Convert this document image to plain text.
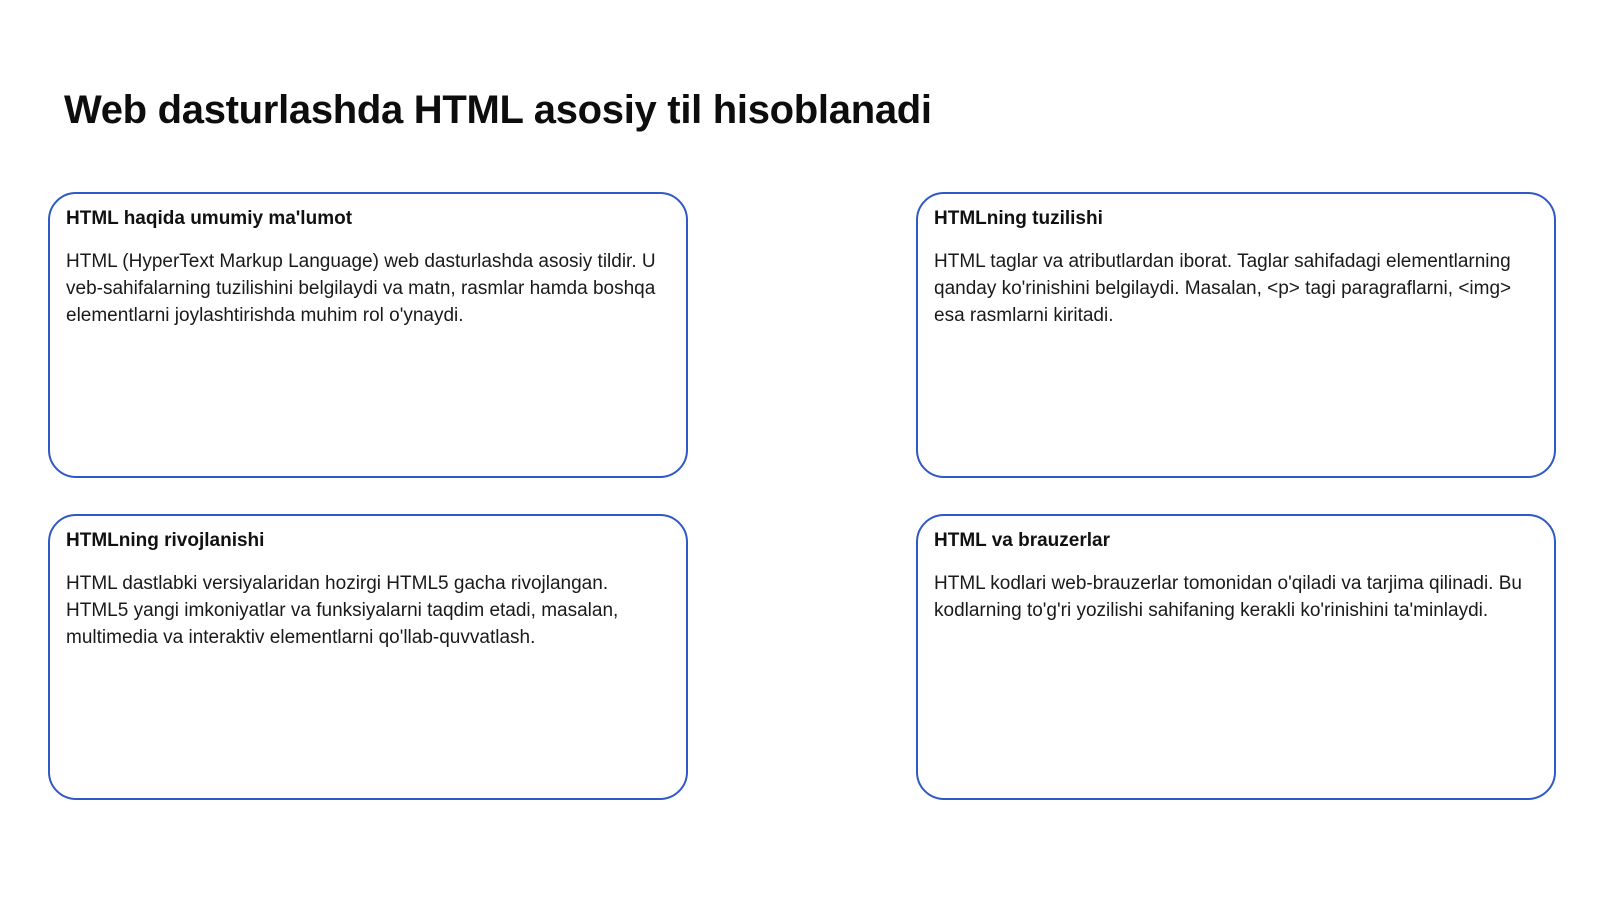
Web dasturlashda HTML asosiy til hisoblanadi
HTML haqida umumiy ma'lumot

HTML (HyperText Markup Language) web dasturlashda asosiy tildir. U veb-sahifalarning tuzilishini belgilaydi va matn, rasmlar hamda boshqa elementlarni joylashtirishda muhim rol o'ynaydi.

HTMLning tuzilishi

HTML taglar va atributlardan iborat. Taglar sahifadagi elementlarning qanday ko'rinishini belgilaydi. Masalan, <p> tagi paragraflarni, <img> esa rasmlarni kiritadi.

HTMLning rivojlanishi

HTML dastlabki versiyalaridan hozirgi HTML5 gacha rivojlangan. HTML5 yangi imkoniyatlar va funksiyalarni taqdim etadi, masalan, multimedia va interaktiv elementlarni qo'llab-quvvatlash.

HTML va brauzerlar

HTML kodlari web-brauzerlar tomonidan o'qiladi va tarjima qilinadi. Bu kodlarning to'g'ri yozilishi sahifaning kerakli ko'rinishini ta'minlaydi.
